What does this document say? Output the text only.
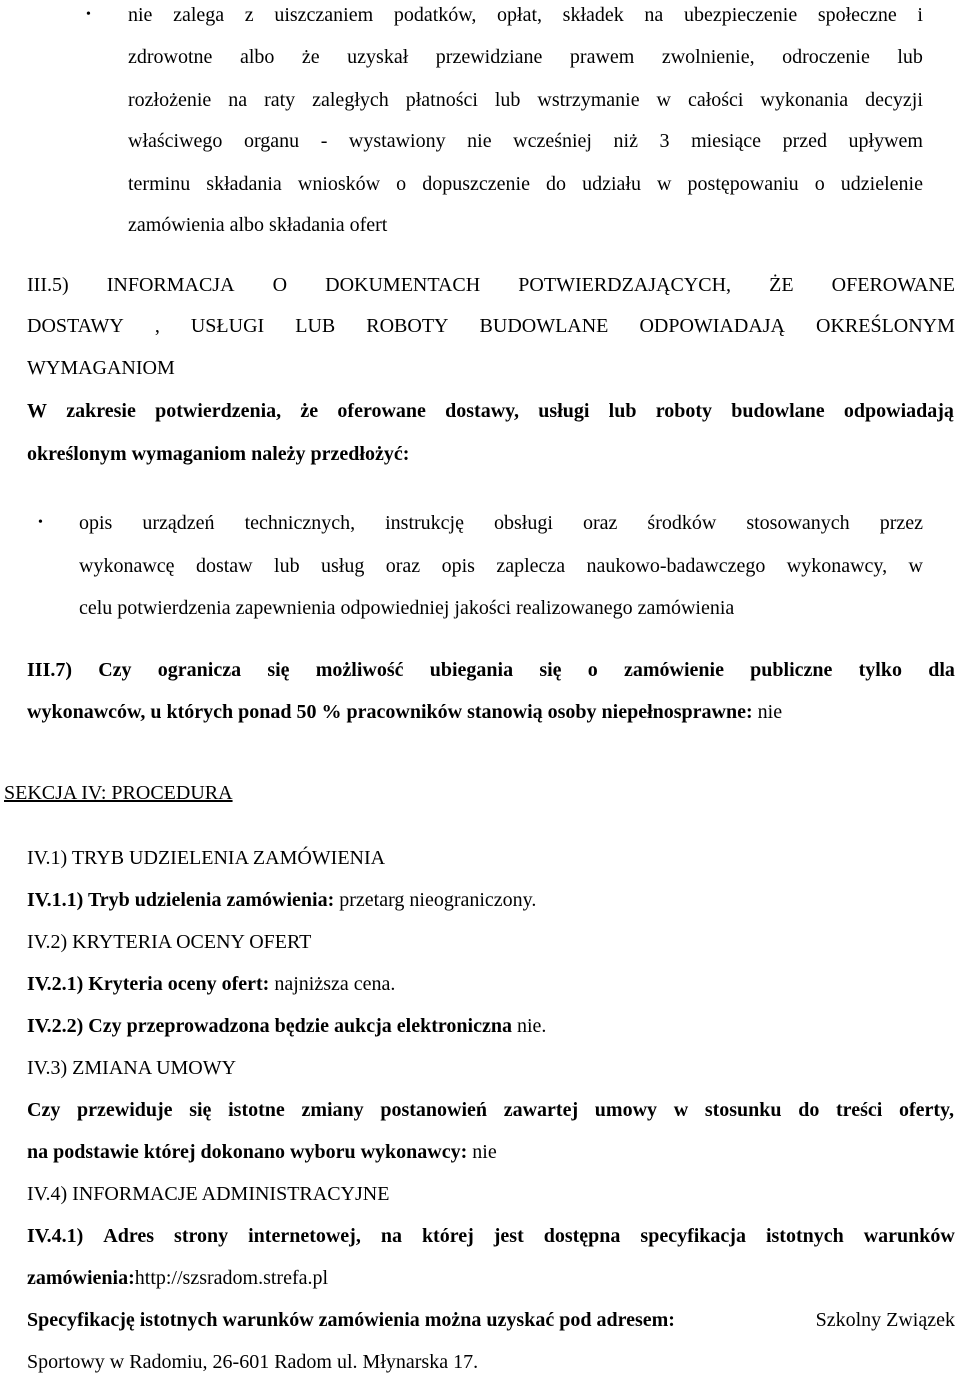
• nie zalega z uiszczaniem podatków, opłat, składek na ubezpieczenie społeczne i
zdrowotne albo że uzyskał przewidziane prawem zwolnienie, odroczenie lub
rozłożenie na raty zaległych płatności lub wstrzymanie w całości wykonania decyzji
właściwego organu - wystawiony nie wcześniej niż 3 miesiące przed upływem
terminu składania wniosków o dopuszczenie do udziału w postępowaniu o udzielenie
zamówienia albo składania ofert
III.5) INFORMACJA O DOKUMENTACH POTWIERDZAJĄCYCH, ŻE OFEROWANE
DOSTAWY , USŁUGI LUB ROBOTY BUDOWLANE ODPOWIADAJĄ OKREŚLONYM
WYMAGANIOM
W zakresie potwierdzenia, że oferowane dostawy, usługi lub roboty budowlane odpowiadają
określonym wymaganiom należy przedłożyć:
• opis urządzeń technicznych, instrukcję obsługi oraz środków stosowanych przez
wykonawcę dostaw lub usług oraz opis zaplecza naukowo-badawczego wykonawcy, w
celu potwierdzenia zapewnienia odpowiedniej jakości realizowanego zamówienia
III.7) Czy ogranicza się możliwość ubiegania się o zamówienie publiczne tylko dla
wykonawców, u których ponad 50 % pracowników stanowią osoby niepełnosprawne: nie
SEKCJA IV: PROCEDURA
IV.1) TRYB UDZIELENIA ZAMÓWIENIA
IV.1.1) Tryb udzielenia zamówienia: przetarg nieograniczony.
IV.2) KRYTERIA OCENY OFERT
IV.2.1) Kryteria oceny ofert: najniższa cena.
IV.2.2) Czy przeprowadzona będzie aukcja elektroniczna nie.
IV.3) ZMIANA UMOWY
Czy przewiduje się istotne zmiany postanowień zawartej umowy w stosunku do treści oferty,
na podstawie której dokonano wyboru wykonawcy: nie
IV.4) INFORMACJE ADMINISTRACYJNE
IV.4.1) Adres strony internetowej, na której jest dostępna specyfikacja istotnych warunków
zamówienia:http://szsradom.strefa.pl
Specyfikację istotnych warunków zamówienia można uzyskać pod adresem:	Szkolny Związek
Sportowy w Radomiu, 26-601 Radom ul. Młynarska 17.
